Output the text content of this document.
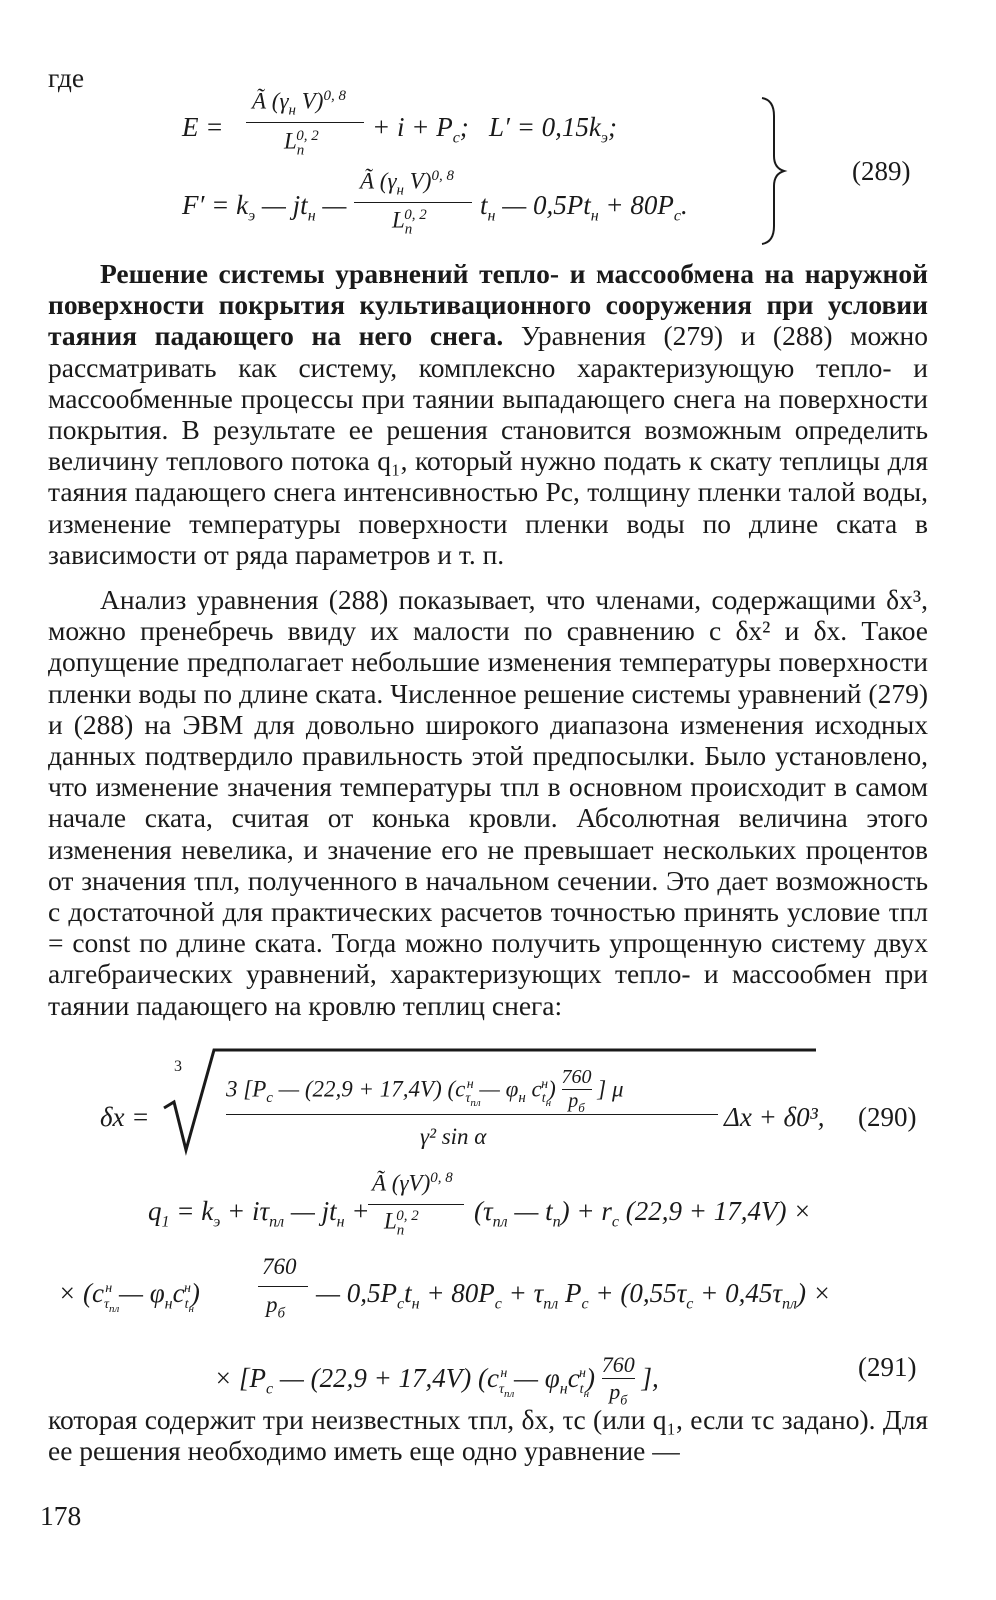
где
E =
Ã ($\gamma_н$ V)$^{0, 8}$
$L_п^{0, 2} + i + P_с$;   $L' = 0,15k_э$;
$F' = k_э$ — $jt_н$ —
Ã ($\gamma_н$ V)$^{0, 8}$
$L_п^{0, 2}$ $t_н$ — $0,5Pt_н + 80P_с$.
(289)
Решение системы уравнений тепло- и массообмена на наружной поверхности покрытия культивационного сооружения при условии таяния падающего на него снега. Уравнения (279) и (288) можно рассматривать как систему, комплексно характеризующую тепло- и массообменные процессы при таянии выпадающего снега на поверхности покрытия. В результате ее решения становится возможным определить величину теплового потока q₁, который нужно подать к скату теплицы для таяния падающего снега интенсивностью Pс, толщину пленки талой воды, изменение температуры поверхности пленки воды по длине ската в зависимости от ряда параметров и т. п.
Анализ уравнения (288) показывает, что членами, содержащими δx³, можно пренебречь ввиду их малости по сравнению с δx² и δx. Такое допущение предполагает небольшие изменения температуры поверхности пленки воды по длине ската. Численное решение системы уравнений (279) и (288) на ЭВМ для довольно широкого диапазона изменения исходных данных подтвердило правильность этой предпосылки. Было установлено, что изменение значения температуры τпл в основном происходит в самом начале ската, считая от конька кровли. Абсолютная величина этого изменения невелика, и значение его не превышает нескольких процентов от значения τпл, полученного в начальном сечении. Это дает возможность с достаточной для практических расчетов точностью принять условие τпл = const по длине ската. Тогда можно получить упрощенную систему двух алгебраических уравнений, характеризующих тепло- и массообмен при таянии падающего на кровлю теплиц снега:
δx =
3
3 [$P_с$ — (22,9 + 17,4V) ($c_{\tau_{пл}}^н$ — $\varphi_н$ $c_{t_н}^н$) 760
$p_б$
] μ
γ² sin α
Δx + δ0³, (290)
$q_1 = k_э + i\tau_{пл}$ — $jt_н$ +
Ã $(\gamma V)^{0, 8}$
$L_п^{0, 2}$ ($\tau_{пл}$ — $t_п) + r_с$ (22,9 + 17,4V) ×
× ($c_{\tau_{пл}}^н$ — $\varphi_нc_{t_н}^н$)
760
$p_б$
— $0,5P_сt_н + 80P_с + \tau_{пл}$ $P_с + (0,55\tau_с + 0,45\tau_{пл})$ ×
× [$P_с$ — (22,9 + 17,4V) ($c_{\tau_{пл}}^н$ — $\varphi_нc_{t_н}^н$) 760
$p_б$
],	(291)
которая содержит три неизвестных τпл, δx, τс (или q₁, если τс задано). Для ее решения необходимо иметь еще одно уравнение —
178
